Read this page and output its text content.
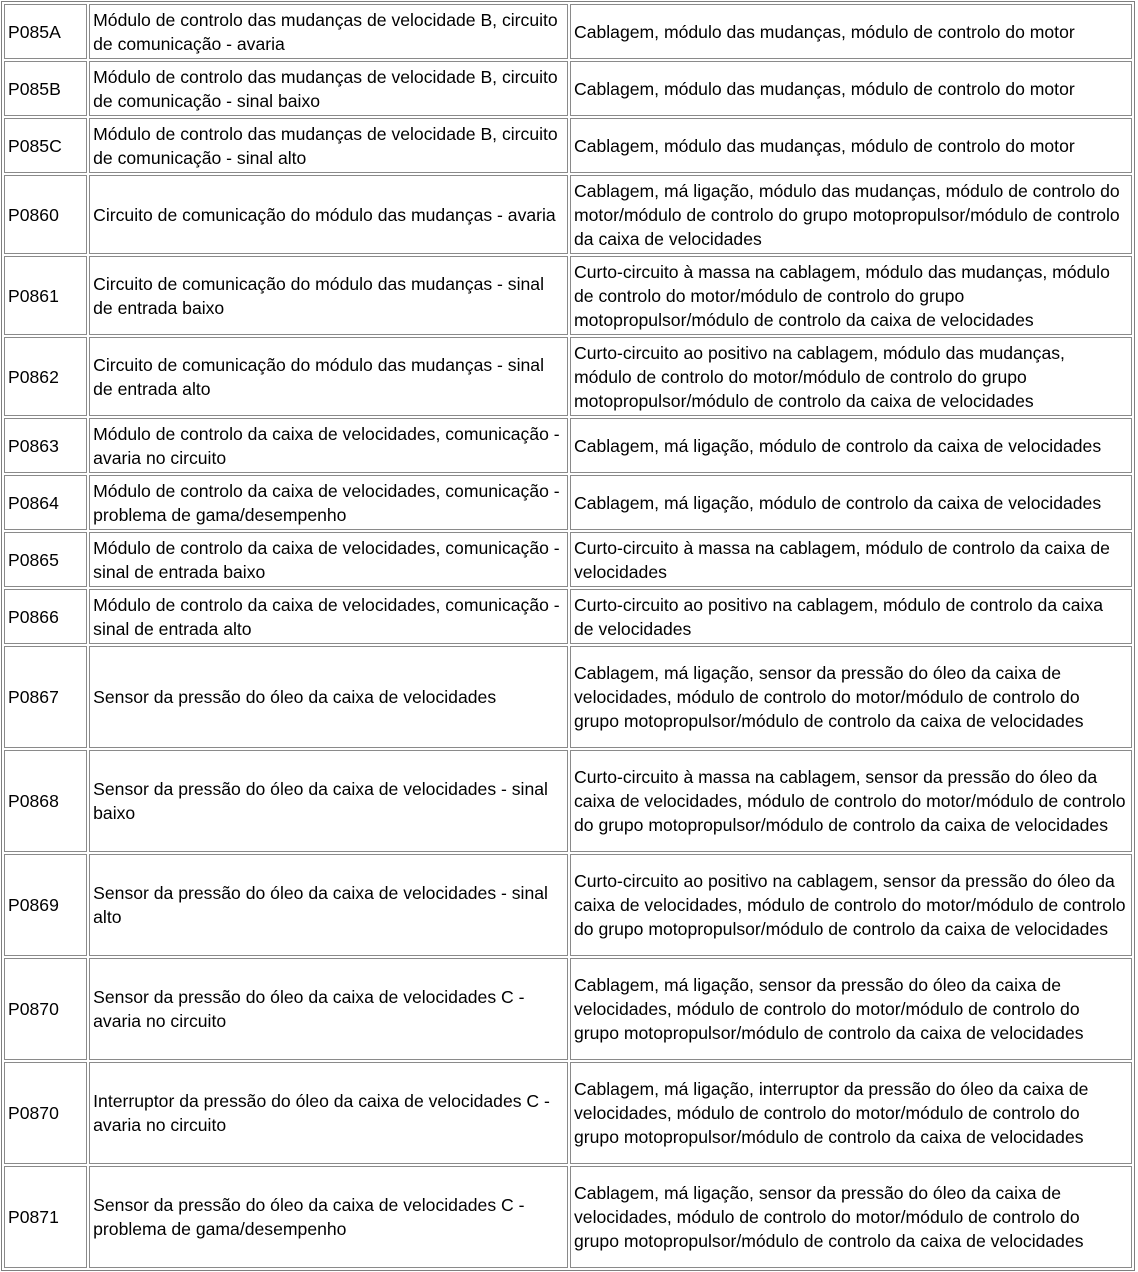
P085A	Módulo de controlo das mudanças de velocidade B, circuito de comunicação - avaria	Cablagem, módulo das mudanças, módulo de controlo do motor
P085B	Módulo de controlo das mudanças de velocidade B, circuito de comunicação - sinal baixo	Cablagem, módulo das mudanças, módulo de controlo do motor
P085C	Módulo de controlo das mudanças de velocidade B, circuito de comunicação - sinal alto	Cablagem, módulo das mudanças, módulo de controlo do motor
P0860	Circuito de comunicação do módulo das mudanças - avaria	Cablagem, má ligação, módulo das mudanças, módulo de controlo do motor/módulo de controlo do grupo motopropulsor/módulo de controlo da caixa de velocidades
P0861	Circuito de comunicação do módulo das mudanças - sinal de entrada baixo	Curto-circuito à massa na cablagem, módulo das mudanças, módulo de controlo do motor/módulo de controlo do grupo motopropulsor/módulo de controlo da caixa de velocidades
P0862	Circuito de comunicação do módulo das mudanças - sinal de entrada alto	Curto-circuito ao positivo na cablagem, módulo das mudanças, módulo de controlo do motor/módulo de controlo do grupo motopropulsor/módulo de controlo da caixa de velocidades
P0863	Módulo de controlo da caixa de velocidades, comunicação - avaria no circuito	Cablagem, má ligação, módulo de controlo da caixa de velocidades
P0864	Módulo de controlo da caixa de velocidades, comunicação - problema de gama/desempenho	Cablagem, má ligação, módulo de controlo da caixa de velocidades
P0865	Módulo de controlo da caixa de velocidades, comunicação - sinal de entrada baixo	Curto-circuito à massa na cablagem, módulo de controlo da caixa de velocidades
P0866	Módulo de controlo da caixa de velocidades, comunicação - sinal de entrada alto	Curto-circuito ao positivo na cablagem, módulo de controlo da caixa de velocidades
P0867	Sensor da pressão do óleo da caixa de velocidades	Cablagem, má ligação, sensor da pressão do óleo da caixa de velocidades, módulo de controlo do motor/módulo de controlo do grupo motopropulsor/módulo de controlo da caixa de velocidades
P0868	Sensor da pressão do óleo da caixa de velocidades - sinal baixo	Curto-circuito à massa na cablagem, sensor da pressão do óleo da caixa de velocidades, módulo de controlo do motor/módulo de controlo do grupo motopropulsor/módulo de controlo da caixa de velocidades
P0869	Sensor da pressão do óleo da caixa de velocidades - sinal alto	Curto-circuito ao positivo na cablagem, sensor da pressão do óleo da caixa de velocidades, módulo de controlo do motor/módulo de controlo do grupo motopropulsor/módulo de controlo da caixa de velocidades
P0870	Sensor da pressão do óleo da caixa de velocidades C - avaria no circuito	Cablagem, má ligação, sensor da pressão do óleo da caixa de velocidades, módulo de controlo do motor/módulo de controlo do grupo motopropulsor/módulo de controlo da caixa de velocidades
P0870	Interruptor da pressão do óleo da caixa de velocidades C - avaria no circuito	Cablagem, má ligação, interruptor da pressão do óleo da caixa de velocidades, módulo de controlo do motor/módulo de controlo do grupo motopropulsor/módulo de controlo da caixa de velocidades
P0871	Sensor da pressão do óleo da caixa de velocidades C - problema de gama/desempenho	Cablagem, má ligação, sensor da pressão do óleo da caixa de velocidades, módulo de controlo do motor/módulo de controlo do grupo motopropulsor/módulo de controlo da caixa de velocidades
